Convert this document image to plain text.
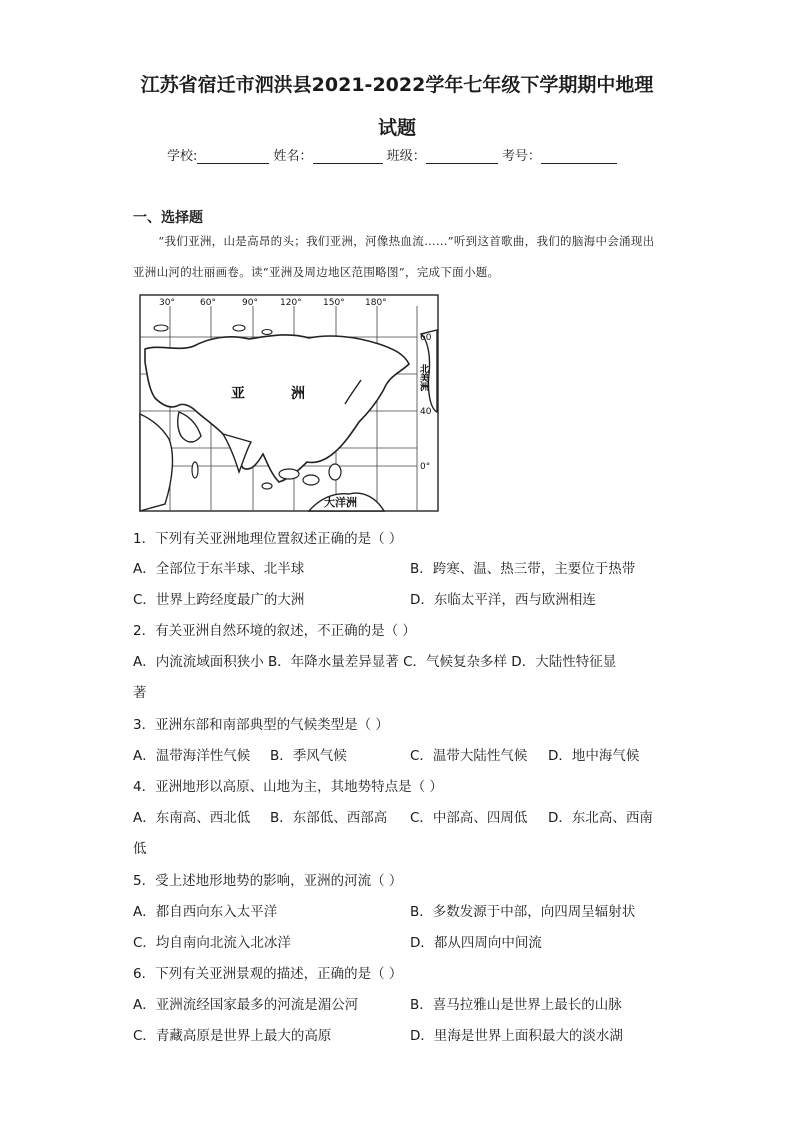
江苏省宿迁市泗洪县2021-2022学年七年级下学期期中地理
试题
学校:	姓名：	班级：	考号：
一、选择题
“我们亚洲，山是高昂的头；我们亚洲，河像热血流……”听到这首歌曲，我们的脑海中会涌现出亚洲山河的壮丽画卷。读“亚洲及周边地区范围略图”，完成下面小题。
30°	60°	90° 120° 150° 180°
60
40
0°
亚	洲
大洋洲
北美洲
1．下列有关亚洲地理位置叙述正确的是（ ）
A．全部位于东半球、北半球	B．跨寒、温、热三带，主要位于热带
C．世界上跨经度最广的大洲	D．东临太平洋，西与欧洲相连
2．有关亚洲自然环境的叙述，不正确的是（ ）
A．内流流域面积狭小 B．年降水量差异显著 C．气候复杂多样 D．大陆性特征显
著
3．亚洲东部和南部典型的气候类型是（ ）
A．温带海洋性气候 B．季风气候	C．温带大陆性气候 D．地中海气候
4．亚洲地形以高原、山地为主，其地势特点是（ ）
A．东南高、西北低 B．东部低、西部高 C．中部高、四周低 D．东北高、西南
低
5．受上述地形地势的影响，亚洲的河流（ ）
A．都自西向东入太平洋	B．多数发源于中部，向四周呈辐射状
C．均自南向北流入北冰洋	D．都从四周向中间流
6．下列有关亚洲景观的描述，正确的是（ ）
A．亚洲流经国家最多的河流是湄公河	B．喜马拉雅山是世界上最长的山脉
C．青藏高原是世界上最大的高原	D．里海是世界上面积最大的淡水湖
